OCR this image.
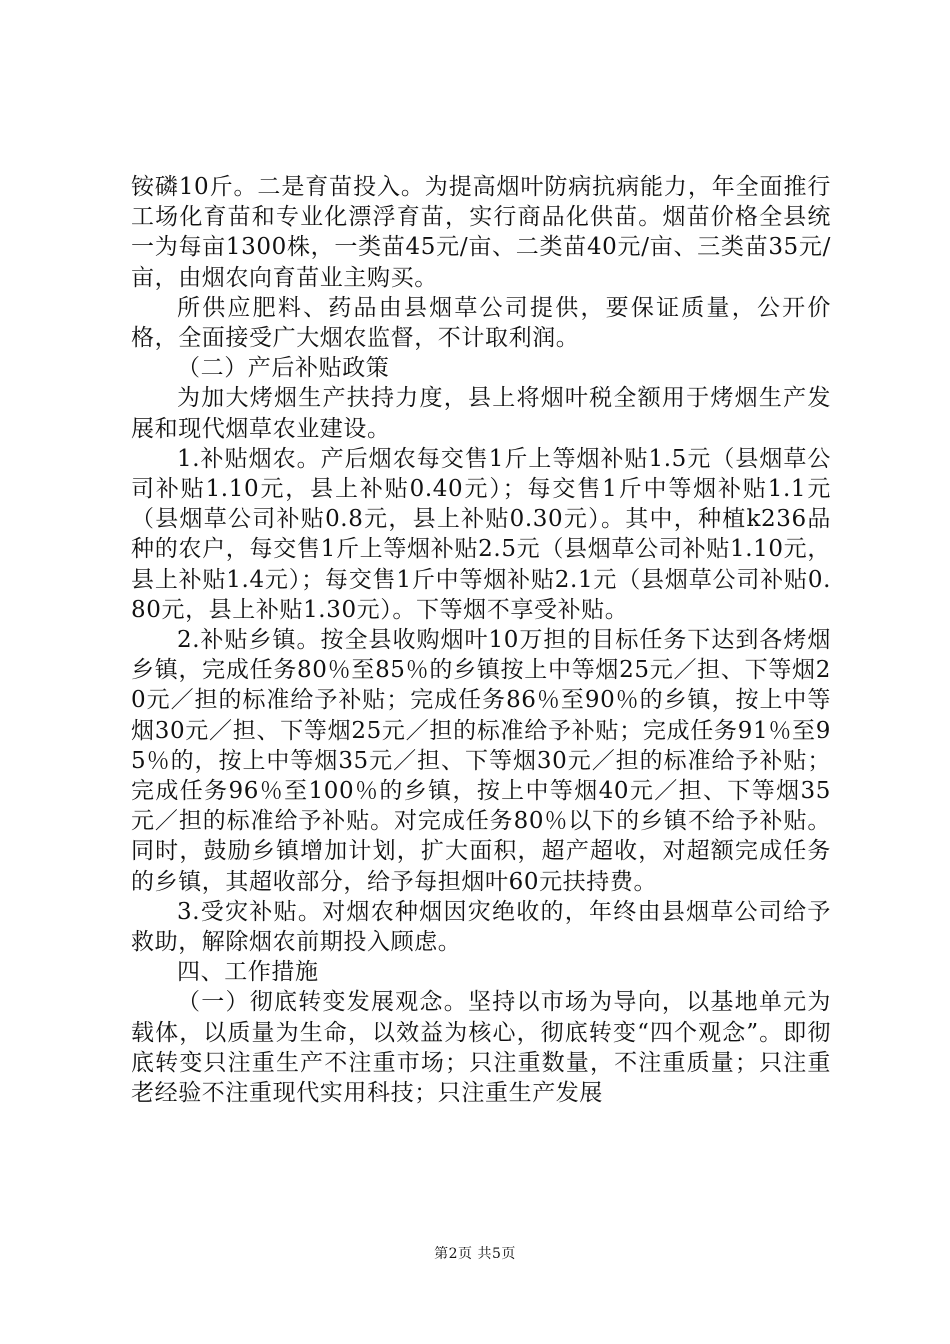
铵磷10斤。二是育苗投入。为提高烟叶防病抗病能力，年全面推行工场化育苗和专业化漂浮育苗，实行商品化供苗。烟苗价格全县统一为每亩1300株，一类苗45元/亩、二类苗40元/亩、三类苗35元/亩，由烟农向育苗业主购买。

所供应肥料、药品由县烟草公司提供，要保证质量，公开价格，全面接受广大烟农监督，不计取利润。

（二）产后补贴政策

为加大烤烟生产扶持力度，县上将烟叶税全额用于烤烟生产发展和现代烟草农业建设。

1.补贴烟农。产后烟农每交售1斤上等烟补贴1.5元（县烟草公司补贴1.10元，县上补贴0.40元）；每交售1斤中等烟补贴1.1元（县烟草公司补贴0.8元，县上补贴0.30元）。其中，种植k236品种的农户，每交售1斤上等烟补贴2.5元（县烟草公司补贴1.10元，县上补贴1.4元）；每交售1斤中等烟补贴2.1元（县烟草公司补贴0.80元，县上补贴1.30元）。下等烟不享受补贴。

2.补贴乡镇。按全县收购烟叶10万担的目标任务下达到各烤烟乡镇，完成任务80％至85％的乡镇按上中等烟25元／担、下等烟20元／担的标准给予补贴；完成任务86％至90％的乡镇，按上中等烟30元／担、下等烟25元／担的标准给予补贴；完成任务91％至95％的，按上中等烟35元／担、下等烟30元／担的标准给予补贴；完成任务96％至100％的乡镇，按上中等烟40元／担、下等烟35元／担的标准给予补贴。对完成任务80％以下的乡镇不给予补贴。同时，鼓励乡镇增加计划，扩大面积，超产超收，对超额完成任务的乡镇，其超收部分，给予每担烟叶60元扶持费。

3.受灾补贴。对烟农种烟因灾绝收的，年终由县烟草公司给予救助，解除烟农前期投入顾虑。

四、工作措施

（一）彻底转变发展观念。坚持以市场为导向，以基地单元为载体，以质量为生命，以效益为核心，彻底转变“四个观念”。即彻底转变只注重生产不注重市场；只注重数量，不注重质量；只注重老经验不注重现代实用科技；只注重生产发展

第2页 共5页
